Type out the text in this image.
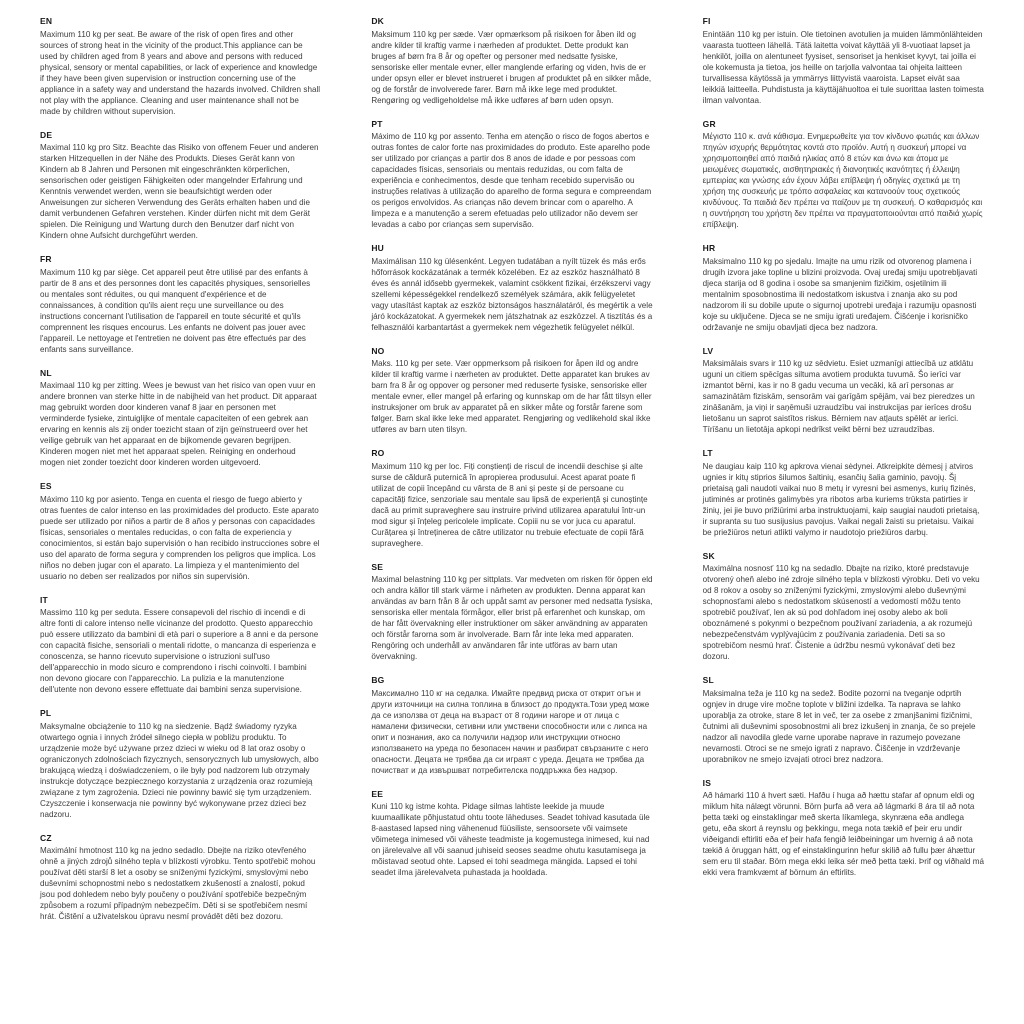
EN

Maximum 110 kg per seat. Be aware of the risk of open fires and other sources of strong heat in the vicinity of the product.This appliance can be used by children aged from 8 years and above and persons with reduced physical, sensory or mental capabilities, or lack of experience and knowledge if they have been given supervision or instruction concerning use of the appliance in a safety way and understand the hazards involved. Children shall not play with the appliance. Cleaning and user maintenance shall not be made by children without supervision.

DE

Maximal 110 kg pro Sitz. Beachte das Risiko von offenem Feuer und anderen starken Hitzequellen in der Nähe des Produkts. Dieses Gerät kann von Kindern ab 8 Jahren und Personen mit eingeschränkten körperlichen, sensorischen oder geistigen Fähigkeiten oder mangelnder Erfahrung und Kenntnis verwendet werden, wenn sie beaufsichtigt werden oder Anweisungen zur sicheren Verwendung des Geräts erhalten haben und die damit verbundenen Gefahren verstehen. Kinder dürfen nicht mit dem Gerät spielen. Die Reinigung und Wartung durch den Benutzer darf nicht von Kindern ohne Aufsicht durchgeführt werden.

FR

Maximum 110 kg par siège. Cet appareil peut être utilisé par des enfants à partir de 8 ans et des personnes dont les capacités physiques, sensorielles ou mentales sont réduites, ou qui manquent d'expérience et de connaissances, à condition qu'ils aient reçu une surveillance ou des instructions concernant l'utilisation de l'appareil en toute sécurité et qu'ils comprennent les risques encourus. Les enfants ne doivent pas jouer avec l'appareil. Le nettoyage et l'entretien ne doivent pas être effectués par des enfants sans surveillance.

NL

Maximaal 110 kg per zitting. Wees je bewust van het risico van open vuur en andere bronnen van sterke hitte in de nabijheid van het product. Dit apparaat mag gebruikt worden door kinderen vanaf 8 jaar en personen met verminderde fysieke, zintuiglijke of mentale capaciteiten of een gebrek aan ervaring en kennis als zij onder toezicht staan of zijn geïnstrueerd over het veilige gebruik van het apparaat en de bijkomende gevaren begrijpen. Kinderen mogen niet met het apparaat spelen. Reiniging en onderhoud mogen niet zonder toezicht door kinderen worden uitgevoerd.

ES

Máximo 110 kg por asiento. Tenga en cuenta el riesgo de fuego abierto y otras fuentes de calor intenso en las proximidades del producto. Este aparato puede ser utilizado por niños a partir de 8 años y personas con capacidades físicas, sensoriales o mentales reducidas, o con falta de experiencia y conocimientos, si están bajo supervisión o han recibido instrucciones sobre el uso del aparato de forma segura y comprenden los peligros que implica. Los niños no deben jugar con el aparato. La limpieza y el mantenimiento del usuario no deben ser realizados por niños sin supervisión.

IT

Massimo 110 kg per seduta. Essere consapevoli del rischio di incendi e di altre fonti di calore intenso nelle vicinanze del prodotto. Questo apparecchio può essere utilizzato da bambini di età pari o superiore a 8 anni e da persone con capacità fisiche, sensoriali o mentali ridotte, o mancanza di esperienza e conoscenza, se hanno ricevuto supervisione o istruzioni sull'uso dell'apparecchio in modo sicuro e comprendono i rischi coinvolti. I bambini non devono giocare con l'apparecchio. La pulizia e la manutenzione dell'utente non devono essere effettuate dai bambini senza supervisione.

PL

Maksymalne obciążenie to 110 kg na siedzenie. Bądź świadomy ryzyka otwartego ognia i innych źródeł silnego ciepła w pobliżu produktu. To urządzenie może być używane przez dzieci w wieku od 8 lat oraz osoby o ograniczonych zdolnościach fizycznych, sensorycznych lub umysłowych, albo brakującą wiedzą i doświadczeniem, o ile były pod nadzorem lub otrzymały instrukcje dotyczące bezpiecznego korzystania z urządzenia oraz rozumieją związane z tym zagrożenia. Dzieci nie powinny bawić się tym urządzeniem. Czyszczenie i konserwacja nie powinny być wykonywane przez dzieci bez nadzoru.

CZ

Maximální hmotnost 110 kg na jedno sedadlo. Dbejte na riziko otevřeného ohně a jiných zdrojů silného tepla v blízkosti výrobku. Tento spotřebič mohou používat děti starší 8 let a osoby se sníženými fyzickými, smyslovými nebo duševními schopnostmi nebo s nedostatkem zkušeností a znalostí, pokud jsou pod dohledem nebo byly poučeny o používání spotřebiče bezpečným způsobem a rozumí případným nebezpečím. Děti si se spotřebičem nesmí hrát. Čištění a uživatelskou úpravu nesmí provádět děti bez dozoru.

DK

Maksimum 110 kg per sæde. Vær opmærksom på risikoen for åben ild og andre kilder til kraftig varme i nærheden af produktet. Dette produkt kan bruges af børn fra 8 år og opefter og personer med nedsatte fysiske, sensoriske eller mentale evner, eller manglende erfaring og viden, hvis de er under opsyn eller er blevet instrueret i brugen af produktet på en sikker måde, og de forstår de involverede farer. Børn må ikke lege med produktet. Rengøring og vedligeholdelse må ikke udføres af børn uden opsyn.

PT

Máximo de 110 kg por assento. Tenha em atenção o risco de fogos abertos e outras fontes de calor forte nas proximidades do produto. Este aparelho pode ser utilizado por crianças a partir dos 8 anos de idade e por pessoas com capacidades físicas, sensoriais ou mentais reduzidas, ou com falta de experiência e conhecimentos, desde que tenham recebido supervisão ou instruções relativas à utilização do aparelho de forma segura e compreendam os perigos envolvidos. As crianças não devem brincar com o aparelho. A limpeza e a manutenção a serem efetuadas pelo utilizador não devem ser levadas a cabo por crianças sem supervisão.

HU

Maximálisan 110 kg ülésenként. Legyen tudatában a nyílt tüzek és más erős hőforrások kockázatának a termék közelében. Ez az eszköz használható 8 éves és annál idősebb gyermekek, valamint csökkent fizikai, érzékszervi vagy szellemi képességekkel rendelkező személyek számára, akik felügyeletet vagy utasítást kaptak az eszköz biztonságos használatáról, és megértik a vele járó kockázatokat. A gyermekek nem játszhatnak az eszközzel. A tisztítás és a felhasználói karbantartást a gyermekek nem végezhetik felügyelet nélkül.

NO

Maks. 110 kg per sete. Vær oppmerksom på risikoen for åpen ild og andre kilder til kraftig varme i nærheten av produktet. Dette apparatet kan brukes av barn fra 8 år og oppover og personer med reduserte fysiske, sensoriske eller mentale evner, eller mangel på erfaring og kunnskap om de har fått tilsyn eller instruksjoner om bruk av apparatet på en sikker måte og forstår farene som følger. Barn skal ikke leke med apparatet. Rengjøring og vedlikehold skal ikke utføres av barn uten tilsyn.

RO

Maximum 110 kg per loc. Fiți conștienți de riscul de incendii deschise și alte surse de căldură puternică în apropierea produsului. Acest aparat poate fi utilizat de copii începând cu vârsta de 8 ani și peste și de persoane cu capacități fizice, senzoriale sau mentale sau lipsă de experiență și cunoștințe dacă au primit supraveghere sau instruire privind utilizarea aparatului într-un mod sigur și înțeleg pericolele implicate. Copiii nu se vor juca cu aparatul. Curățarea și întreținerea de către utilizator nu trebuie efectuate de copii fără supraveghere.

SE

Maximal belastning 110 kg per sittplats. Var medveten om risken för öppen eld och andra källor till stark värme i närheten av produkten. Denna apparat kan användas av barn från 8 år och uppåt samt av personer med nedsatta fysiska, sensoriska eller mentala förmågor, eller brist på erfarenhet och kunskap, om de har fått övervakning eller instruktioner om säker användning av apparaten och förstår farorna som är involverade. Barn får inte leka med apparaten. Rengöring och underhåll av användaren får inte utföras av barn utan övervakning.

BG

Максимално 110 кг на седалка. Имайте предвид риска от открит огън и други източници на силна топлина в близост до продукта.Този уред може да се използва от деца на възраст от 8 години нагоре и от лица с намалени физически, сетивни или умствени способности или с липса на опит и познания, ако са получили надзор или инструкции относно използването на уреда по безопасен начин и разбират свързаните с него опасности. Децата не трябва да си играят с уреда. Децата не трябва да почистват и да извършват потребителска поддръжка без надзор.

EE

Kuni 110 kg istme kohta. Pidage silmas lahtiste leekide ja muude kuumaallikate põhjustatud ohtu toote läheduses. Seadet tohivad kasutada üle 8-aastased lapsed ning vähenenud füüsiliste, sensoorsete või vaimsete võimetega inimesed või väheste teadmiste ja kogemustega inimesed, kui nad on järelevalve all või saanud juhiseid seoses seadme ohutu kasutamisega ja mõistavad seotud ohte. Lapsed ei tohi seadmega mängida. Lapsed ei tohi seadet ilma järelevalveta puhastada ja hooldada.

FI

Enintään 110 kg per istuin. Ole tietoinen avotulien ja muiden lämmönlähteiden vaarasta tuotteen lähellä. Tätä laitetta voivat käyttää yli 8-vuotiaat lapset ja henkilöt, joilla on alentuneet fyysiset, sensoriset ja henkiset kyvyt, tai joilla ei ole kokemusta ja tietoa, jos heille on tarjolla valvontaa tai ohjeita laitteen turvallisessa käytössä ja ymmärrys liittyvistä vaaroista. Lapset eivät saa leikkiä laitteella. Puhdistusta ja käyttäjähuoltoa ei tule suorittaa lasten toimesta ilman valvontaa.

GR

Μέγιστο 110 κ. ανά κάθισμα. Ενημερωθείτε για τον κίνδυνο φωτιάς και άλλων πηγών ισχυρής θερμότητας κοντά στο προϊόν. Αυτή η συσκευή μπορεί να χρησιμοποιηθεί από παιδιά ηλικίας από 8 ετών και άνω και άτομα με μειωμένες σωματικές, αισθητηριακές ή διανοητικές ικανότητες ή έλλειψη εμπειρίας και γνώσης εάν έχουν λάβει επίβλεψη ή οδηγίες σχετικά με τη χρήση της συσκευής με τρόπο ασφαλείας και κατανοούν τους σχετικούς κινδύνους. Τα παιδιά δεν πρέπει να παίζουν με τη συσκευή. Ο καθαρισμός και η συντήρηση του χρήστη δεν πρέπει να πραγματοποιούνται από παιδιά χωρίς επίβλεψη.

HR

Maksimalno 110 kg po sjedalu. Imajte na umu rizik od otvorenog plamena i drugih izvora jake topline u blizini proizvoda. Ovaj uređaj smiju upotrebljavati djeca starija od 8 godina i osobe sa smanjenim fizičkim, osjetilnim ili mentalnim sposobnostima ili nedostatkom iskustva i znanja ako su pod nadzorom ili su dobile upute o sigurnoj upotrebi uređaja i razumiju opasnosti koje su uključene. Djeca se ne smiju igrati uređajem. Čišćenje i korisničko održavanje ne smiju obavljati djeca bez nadzora.

LV

Maksimālais svars ir 110 kg uz sēdvietu. Esiet uzmanīgi attiecībā uz atklātu uguni un citiem spēcīgas siltuma avotiem produkta tuvumā. Šo ierīci var izmantot bērni, kas ir no 8 gadu vecuma un vecāki, kā arī personas ar samazinātām fiziskām, sensorām vai garīgām spējām, vai bez pieredzes un zināšanām, ja viņi ir saņēmuši uzraudzību vai instrukcijas par ierīces drošu lietošanu un saprot saistītos riskus. Bērniem nav atļauts spēlēt ar ierīci. Tīrīšanu un lietotāja apkopi nedrīkst veikt bērni bez uzraudzības.

LT

Ne daugiau kaip 110 kg apkrova vienai sėdynei. Atkreipkite dėmesį į atviros ugnies ir kitų stiprios šilumos šaltinių, esančių šalia gaminio, pavojų. Šį prietaisą gali naudoti vaikai nuo 8 metų ir vyresni bei asmenys, kurių fizinės, jutiminės ar protinės galimybės yra ribotos arba kuriems trūksta patirties ir žinių, jei jie buvo prižiūrimi arba instruktuojami, kaip saugiai naudoti prietaisą, ir supranta su tuo susijusius pavojus. Vaikai negali žaisti su prietaisu. Vaikai be priežiūros neturi atlikti valymo ir naudotojo priežiūros darbų.

SK

Maximálna nosnosť 110 kg na sedadlo. Dbajte na riziko, ktoré predstavuje otvorený oheň alebo iné zdroje silného tepla v blízkosti výrobku. Deti vo veku od 8 rokov a osoby so zníženými fyzickými, zmyslovými alebo duševnými schopnosťami alebo s nedostatkom skúseností a vedomostí môžu tento spotrebič používať, len ak sú pod dohľadom inej osoby alebo ak boli oboznámené s pokynmi o bezpečnom používaní zariadenia, a ak rozumejú nebezpečenstvám vyplývajúcim z používania zariadenia. Deti sa so spotrebičom nesmú hrať. Čistenie a údržbu nesmú vykonávať deti bez dozoru.

SL

Maksimalna teža je 110 kg na sedež. Bodite pozorni na tveganje odprtih ognjev in druge vire močne toplote v bližini izdelka. Ta naprava se lahko uporablja za otroke, stare 8 let in več, ter za osebe z zmanjšanimi fizičnimi, čutnimi ali duševnimi sposobnostmi ali brez izkušenj in znanja, če so prejele nadzor ali navodila glede varne uporabe naprave in razumejo povezane nevarnosti. Otroci se ne smejo igrati z napravo. Čiščenje in vzdrževanje uporabnikov ne smejo izvajati otroci brez nadzora.

IS

Að hámarki 110 á hvert sæti. Hafðu í huga að hættu stafar af opnum eldi og miklum hita nálægt vörunni. Börn þurfa að vera að lágmarki 8 ára til að nota þetta tæki og einstaklingar með skerta líkamlega, skynræna eða andlega getu, eða skort á reynslu og þekkingu, mega nota tækið ef þeir eru undir viðeigandi eftirliti eða ef þeir hafa fengið leiðbeiningar um hvernig á að nota tækið á öruggan hátt, og ef einstaklingurinn hefur skilið að fullu þær áhættur sem eru til staðar. Börn mega ekki leika sér með þetta tæki. Þrif og viðhald má ekki vera framkvæmt af börnum án eftirlits.
